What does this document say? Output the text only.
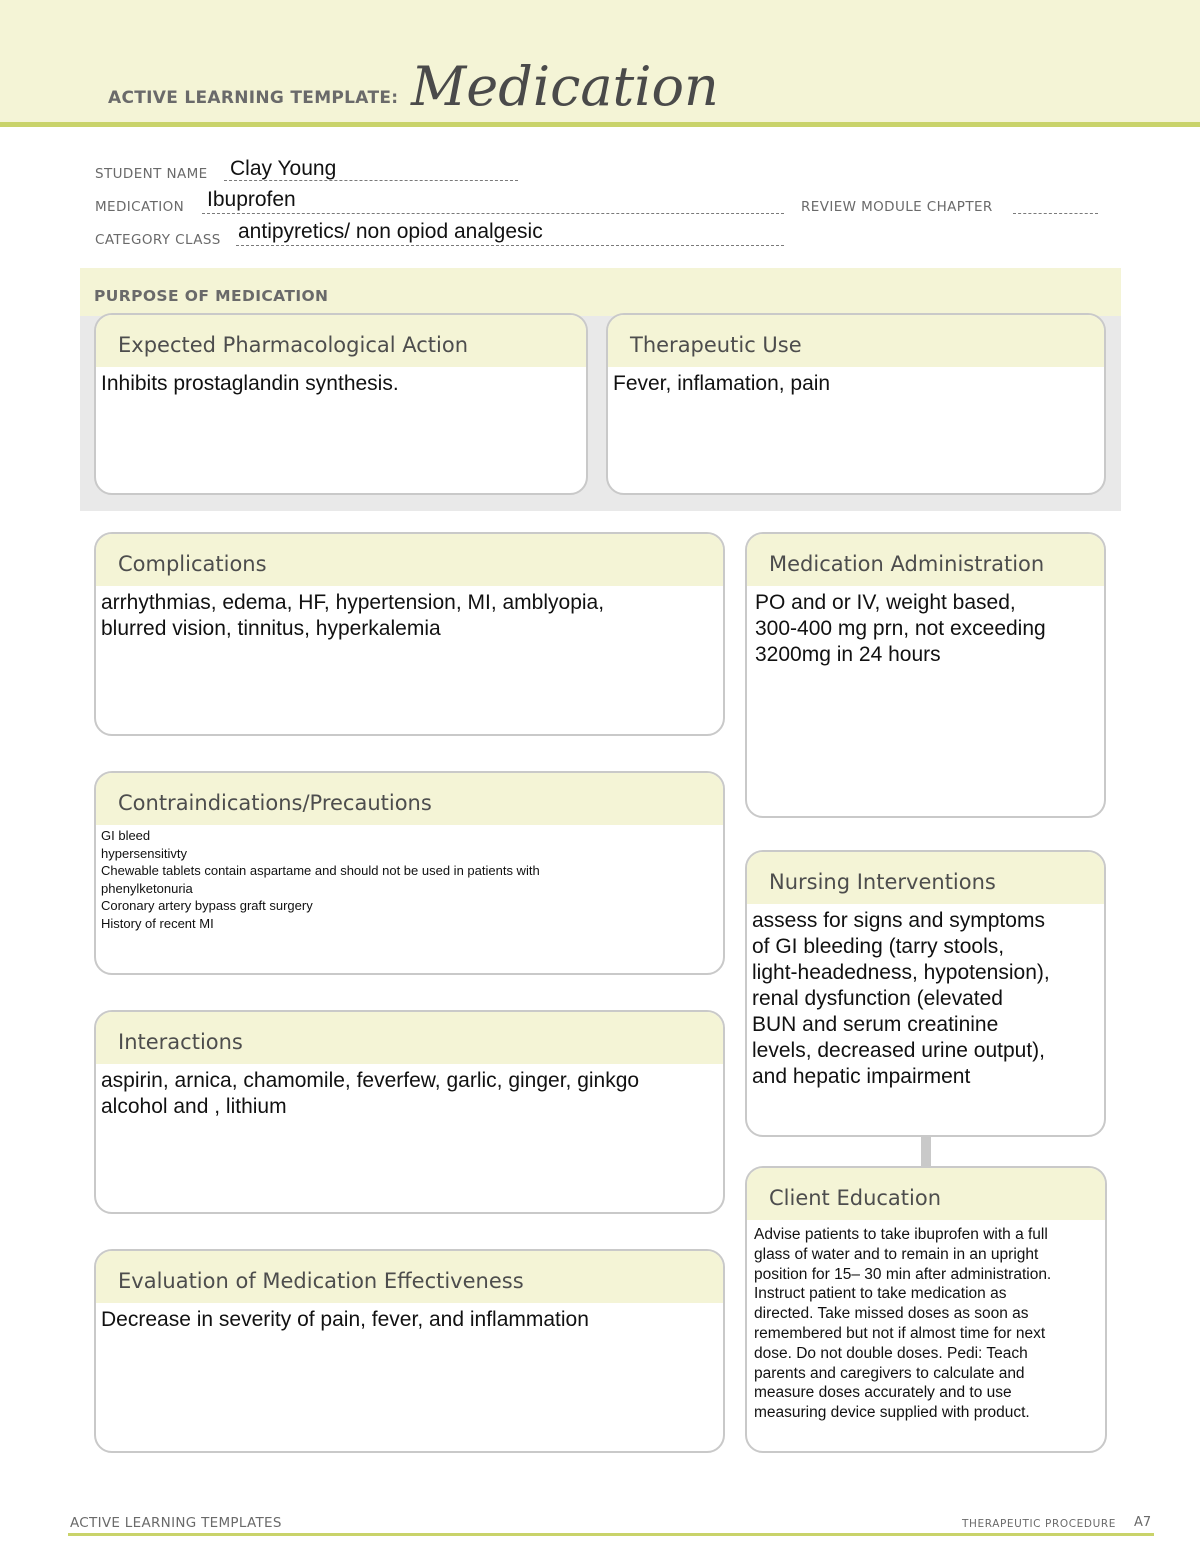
ACTIVE LEARNING TEMPLATE: Medication
STUDENT NAME Clay Young
MEDICATION Ibuprofen	REVIEW MODULE CHAPTER
CATEGORY CLASS antipyretics/ non opiod analgesic
PURPOSE OF MEDICATION
Expected Pharmacological Action
Inhibits prostaglandin synthesis.
Therapeutic Use
Fever, inflamation, pain
Complications
arrhythmias, edema, HF, hypertension, MI, amblyopia,
blurred vision, tinnitus, hyperkalemia
Contraindications/Precautions
GI bleed
hypersensitivty
Chewable tablets contain aspartame and should not be used in patients with
phenylketonuria
Coronary artery bypass graft surgery
History of recent MI
Interactions
aspirin, arnica, chamomile, feverfew, garlic, ginger, ginkgo
alcohol and , lithium
Evaluation of Medication Effectiveness
Decrease in severity of pain, fever, and inflammation
Medication Administration
PO and or IV, weight based,
300-400 mg prn, not exceeding
3200mg in 24 hours
Nursing Interventions
assess for signs and symptoms
of GI bleeding (tarry stools,
light-headedness, hypotension),
renal dysfunction (elevated
BUN and serum creatinine
levels, decreased urine output),
and hepatic impairment
Client Education
Advise patients to take ibuprofen with a full
glass of water and to remain in an upright
position for 15– 30 min after administration.
Instruct patient to take medication as
directed. Take missed doses as soon as
remembered but not if almost time for next
dose. Do not double doses. Pedi: Teach
parents and caregivers to calculate and
measure doses accurately and to use
measuring device supplied with product.
ACTIVE LEARNING TEMPLATES	THERAPEUTIC PROCEDURE A7
